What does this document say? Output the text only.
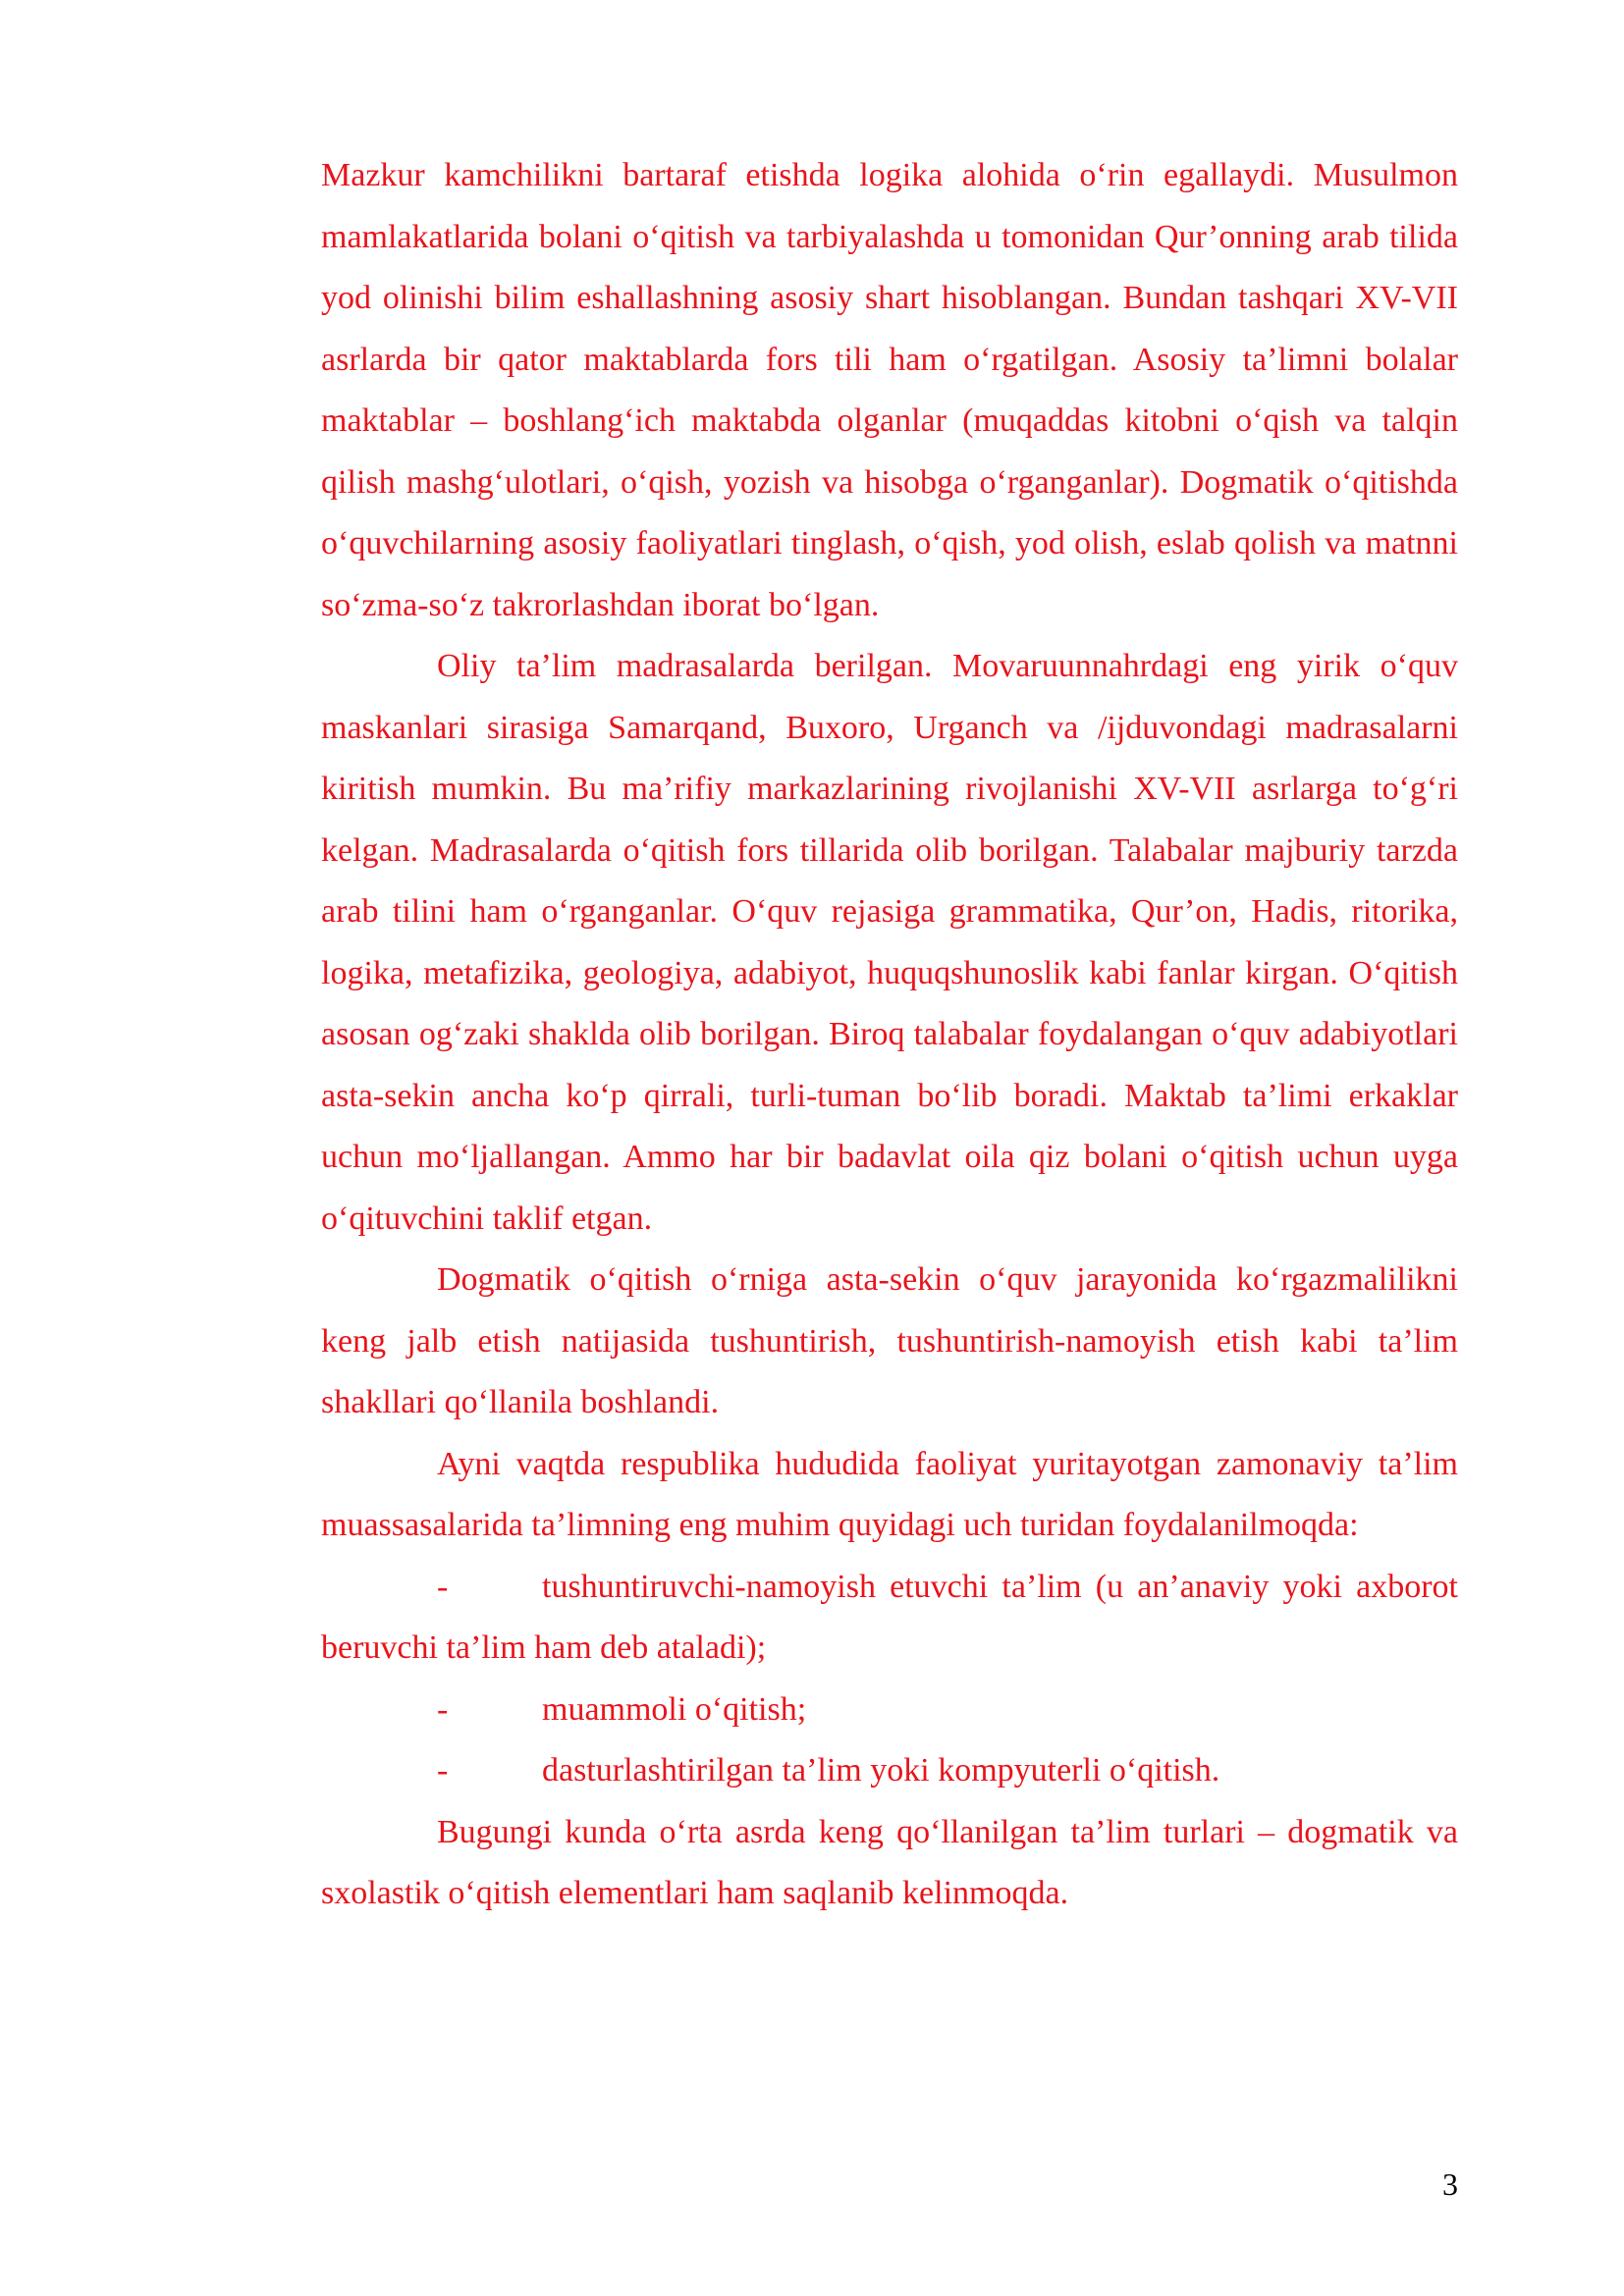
Mazkur kamchilikni bartaraf etishda logika alohida o‘rin egallaydi. Musulmon mamlakatlarida bolani o‘qitish va tarbiyalashda u tomonidan Qur’onning arab tilida yod olinishi bilim eshallashning asosiy shart hisoblangan. Bundan tashqari XV-VII asrlarda bir qator maktablarda fors tili ham o‘rgatilgan. Asosiy ta’limni bolalar maktablar – boshlang‘ich maktabda olganlar (muqaddas kitobni o‘qish va talqin qilish mashg‘ulotlari, o‘qish, yozish va hisobga o‘rganganlar). Dogmatik o‘qitishda o‘quvchilarning asosiy faoliyatlari tinglash, o‘qish, yod olish, eslab qolish va matnni so‘zma-so‘z takrorlashdan iborat bo‘lgan.

Oliy ta’lim madrasalarda berilgan. Movaruunnahrdagi eng yirik o‘quv maskanlari sirasiga Samarqand, Buxoro, Urganch va /ijduvondagi madrasalarni kiritish mumkin. Bu ma’rifiy markazlarining rivojlanishi XV-VII asrlarga to‘g‘ri kelgan. Madrasalarda o‘qitish fors tillarida olib borilgan. Talabalar majburiy tarzda arab tilini ham o‘rganganlar. O‘quv rejasiga grammatika, Qur’on, Hadis, ritorika, logika, metafizika, geologiya, adabiyot, huquqshunoslik kabi fanlar kirgan. O‘qitish asosan og‘zaki shaklda olib borilgan. Biroq talabalar foydalangan o‘quv adabiyotlari asta-sekin ancha ko‘p qirrali, turli-tuman bo‘lib boradi. Maktab ta’limi erkaklar uchun mo‘ljallangan. Ammo har bir badavlat oila qiz bolani o‘qitish uchun uyga o‘qituvchini taklif etgan.

Dogmatik o‘qitish o‘rniga asta-sekin o‘quv jarayonida ko‘rgazmalilikni keng jalb etish natijasida tushuntirish, tushuntirish-namoyish etish kabi ta’lim shakllari qo‘llanila boshlandi.

Ayni vaqtda respublika hududida faoliyat yuritayotgan zamonaviy ta’lim muassasalarida ta’limning eng muhim quyidagi uch turidan foydalanilmoqda:

-	tushuntiruvchi-namoyish etuvchi ta’lim (u an’anaviy yoki axborot beruvchi ta’lim ham deb ataladi);

-	muammoli o‘qitish;

-	dasturlashtirilgan ta’lim yoki kompyuterli o‘qitish.

Bugungi kunda o‘rta asrda keng qo‘llanilgan ta’lim turlari – dogmatik va sxolastik o‘qitish elementlari ham saqlanib kelinmoqda.

3
